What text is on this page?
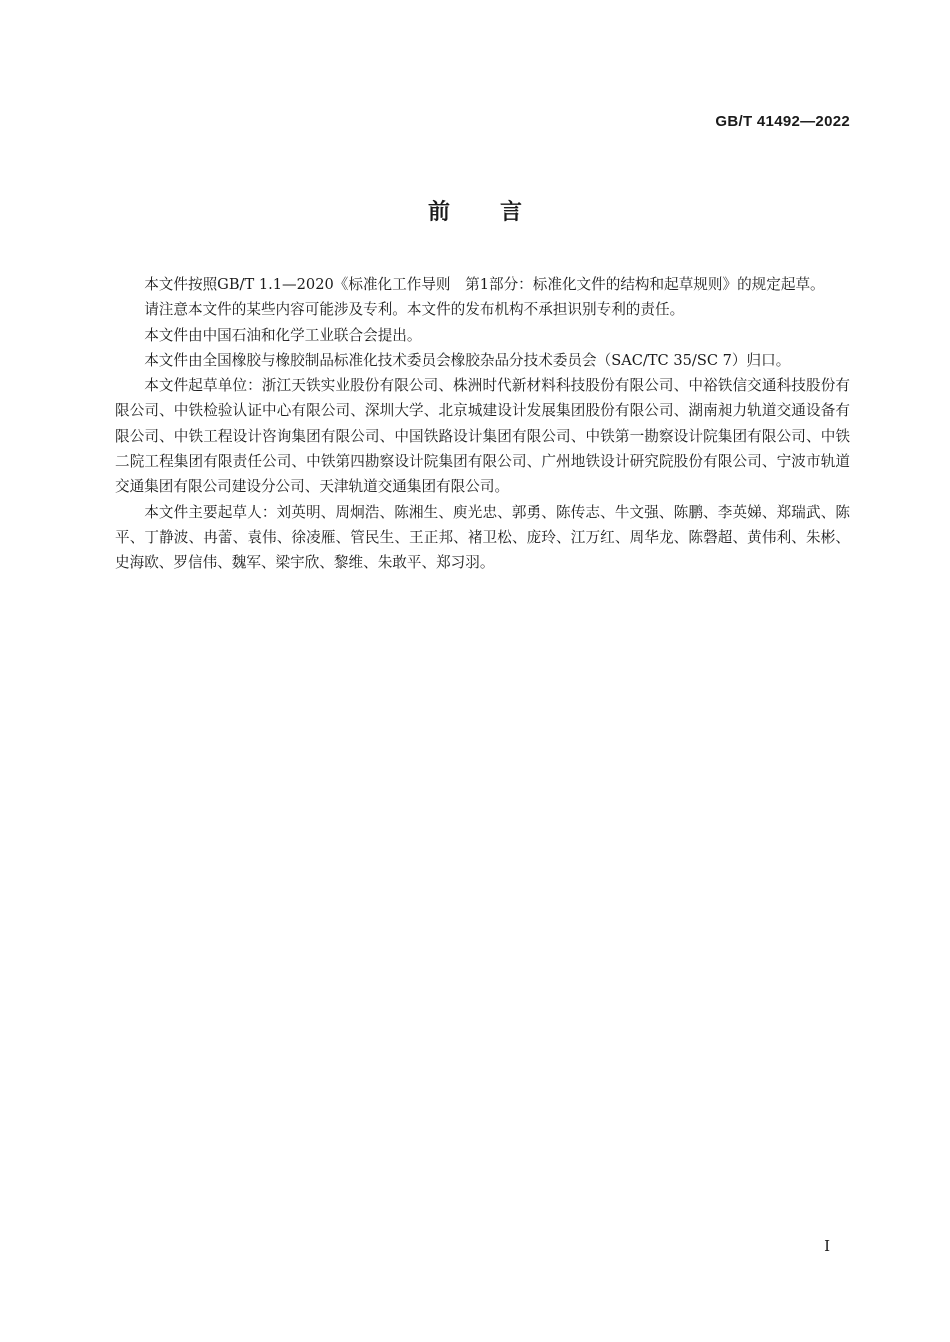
GB/T 41492—2022
前言

本文件按照GB/T 1.1—2020《标准化工作导则　第1部分：标准化文件的结构和起草规则》的规定起草。

请注意本文件的某些内容可能涉及专利。本文件的发布机构不承担识别专利的责任。

本文件由中国石油和化学工业联合会提出。

本文件由全国橡胶与橡胶制品标准化技术委员会橡胶杂品分技术委员会（SAC/TC 35/SC 7）归口。

本文件起草单位：浙江天铁实业股份有限公司、株洲时代新材料科技股份有限公司、中裕铁信交通科技股份有限公司、中铁检验认证中心有限公司、深圳大学、北京城建设计发展集团股份有限公司、湖南昶力轨道交通设备有限公司、中铁工程设计咨询集团有限公司、中国铁路设计集团有限公司、中铁第一勘察设计院集团有限公司、中铁二院工程集团有限责任公司、中铁第四勘察设计院集团有限公司、广州地铁设计研究院股份有限公司、宁波市轨道交通集团有限公司建设分公司、天津轨道交通集团有限公司。

本文件主要起草人：刘英明、周炯浩、陈湘生、庾光忠、郭勇、陈传志、牛文强、陈鹏、李英娣、郑瑞武、陈平、丁静波、冉蕾、袁伟、徐凌雁、管民生、王正邦、褚卫松、庞玲、江万红、周华龙、陈磬超、黄伟利、朱彬、史海欧、罗信伟、魏军、梁宇欣、黎维、朱敢平、郑习羽。

I
